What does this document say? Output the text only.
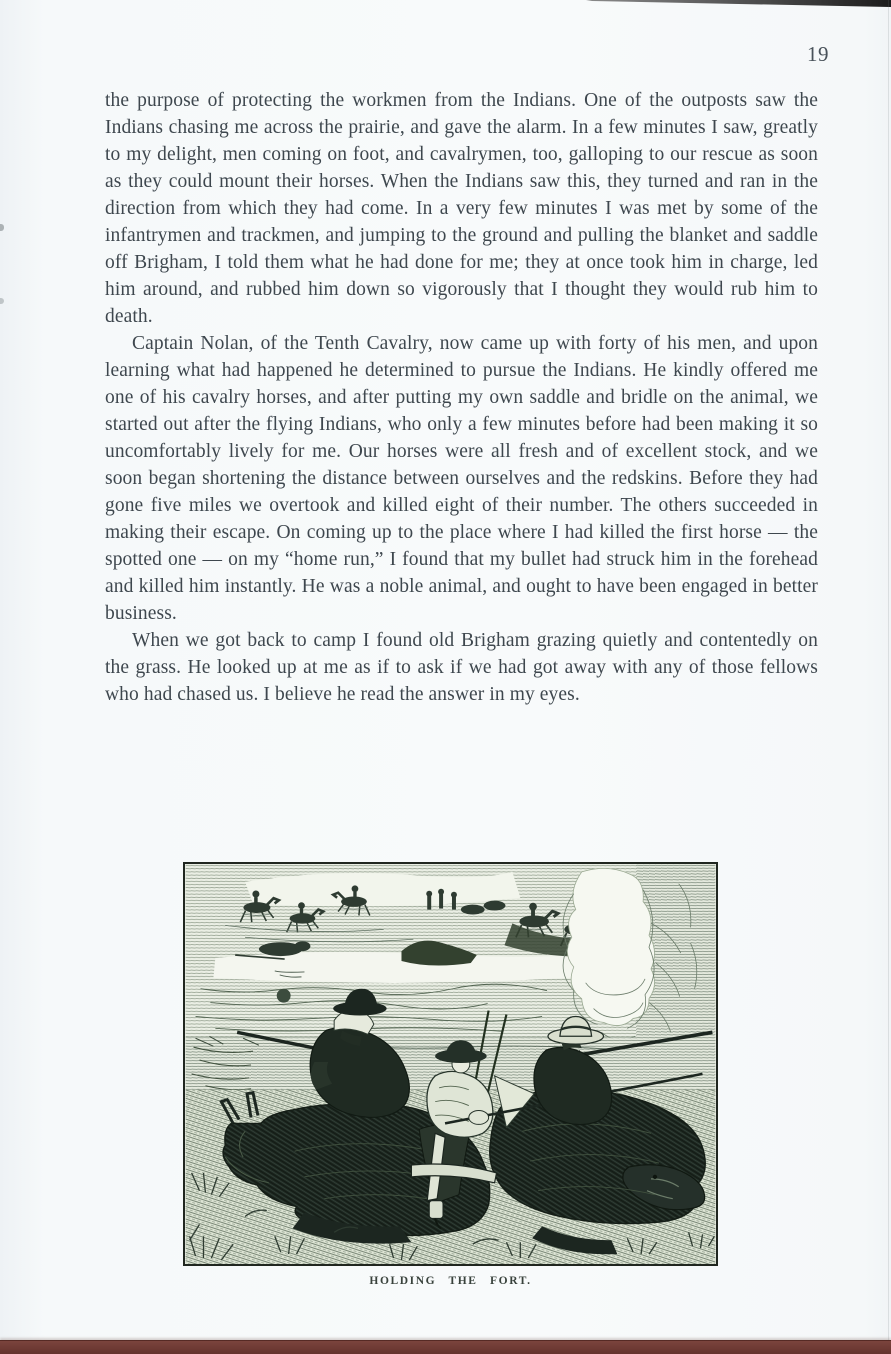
19

the purpose of protecting the workmen from the Indians. One of the outposts saw the Indians chasing me across the prairie, and gave the alarm. In a few minutes I saw, greatly to my delight, men coming on foot, and cavalrymen, too, galloping to our rescue as soon as they could mount their horses. When the Indians saw this, they turned and ran in the direction from which they had come. In a very few minutes I was met by some of the infantrymen and trackmen, and jumping to the ground and pulling the blanket and saddle off Brigham, I told them what he had done for me; they at once took him in charge, led him around, and rubbed him down so vigorously that I thought they would rub him to death.

Captain Nolan, of the Tenth Cavalry, now came up with forty of his men, and upon learning what had happened he determined to pursue the Indians. He kindly offered me one of his cavalry horses, and after putting my own saddle and bridle on the animal, we started out after the flying Indians, who only a few minutes before had been making it so uncomfortably lively for me. Our horses were all fresh and of excellent stock, and we soon began shortening the distance between ourselves and the redskins. Before they had gone five miles we overtook and killed eight of their number. The others succeeded in making their escape. On coming up to the place where I had killed the first horse — the spotted one — on my “home run,” I found that my bullet had struck him in the forehead and killed him instantly. He was a noble animal, and ought to have been engaged in better business.

When we got back to camp I found old Brigham grazing quietly and contentedly on the grass. He looked up at me as if to ask if we had got away with any of those fellows who had chased us. I believe he read the answer in my eyes.

HOLDING THE FORT.
